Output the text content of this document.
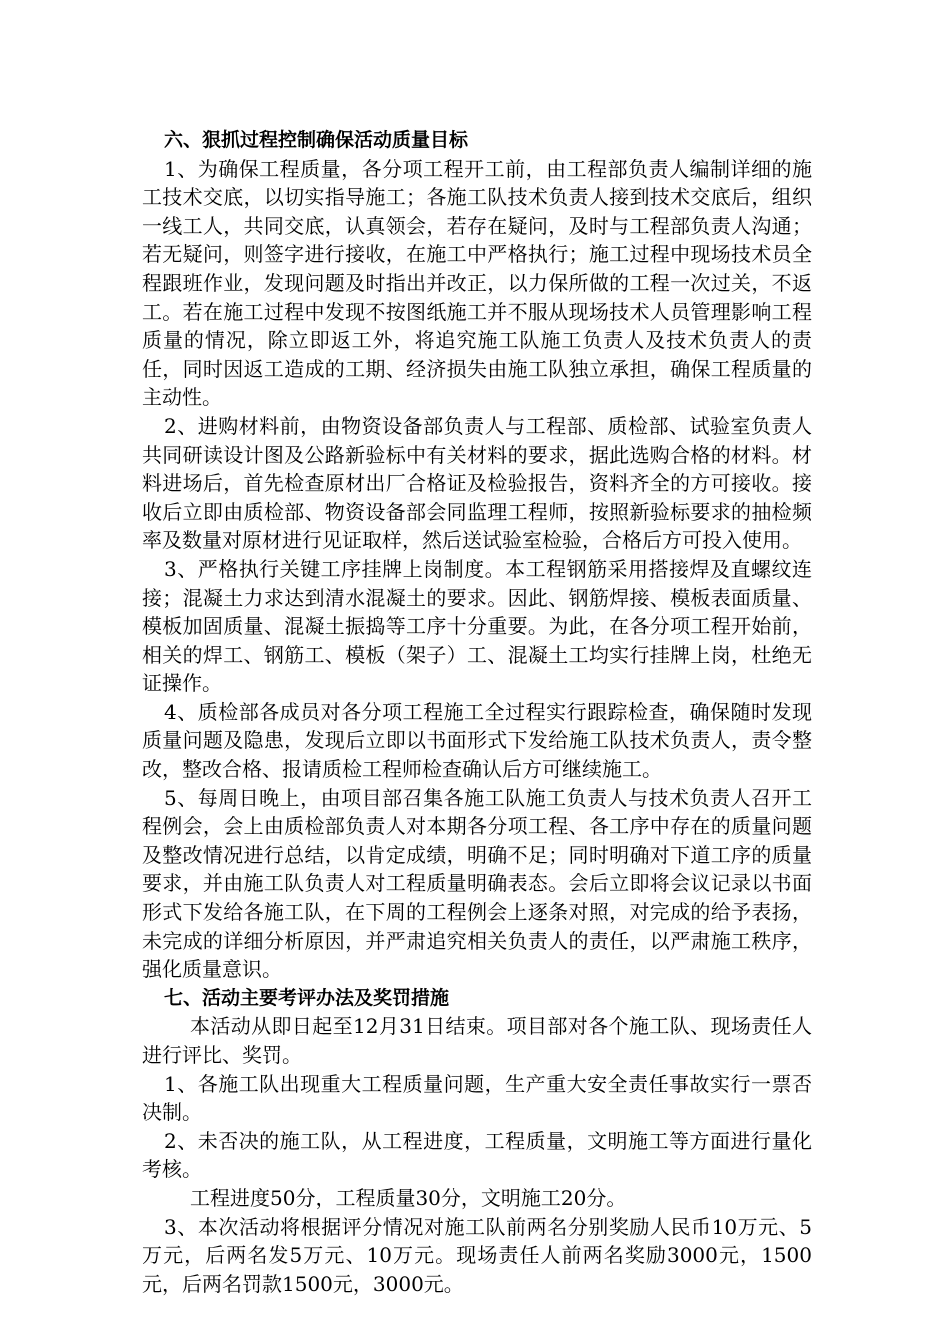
六、狠抓过程控制确保活动质量目标

1、为确保工程质量，各分项工程开工前，由工程部负责人编制详细的施工技术交底，以切实指导施工；各施工队技术负责人接到技术交底后，组织一线工人，共同交底，认真领会，若存在疑问，及时与工程部负责人沟通；若无疑问，则签字进行接收，在施工中严格执行；施工过程中现场技术员全程跟班作业，发现问题及时指出并改正，以力保所做的工程一次过关，不返工。若在施工过程中发现不按图纸施工并不服从现场技术人员管理影响工程质量的情况，除立即返工外，将追究施工队施工负责人及技术负责人的责任，同时因返工造成的工期、经济损失由施工队独立承担，确保工程质量的主动性。

2、进购材料前，由物资设备部负责人与工程部、质检部、试验室负责人共同研读设计图及公路新验标中有关材料的要求，据此选购合格的材料。材料进场后，首先检查原材出厂合格证及检验报告，资料齐全的方可接收。接收后立即由质检部、物资设备部会同监理工程师，按照新验标要求的抽检频率及数量对原材进行见证取样，然后送试验室检验，合格后方可投入使用。

3、严格执行关键工序挂牌上岗制度。本工程钢筋采用搭接焊及直螺纹连接；混凝土力求达到清水混凝土的要求。因此、钢筋焊接、模板表面质量、模板加固质量、混凝土振捣等工序十分重要。为此，在各分项工程开始前，相关的焊工、钢筋工、模板（架子）工、混凝土工均实行挂牌上岗，杜绝无证操作。

4、质检部各成员对各分项工程施工全过程实行跟踪检查，确保随时发现质量问题及隐患，发现后立即以书面形式下发给施工队技术负责人，责令整改，整改合格、报请质检工程师检查确认后方可继续施工。

5、每周日晚上，由项目部召集各施工队施工负责人与技术负责人召开工程例会，会上由质检部负责人对本期各分项工程、各工序中存在的质量问题及整改情况进行总结，以肯定成绩，明确不足；同时明确对下道工序的质量要求，并由施工队负责人对工程质量明确表态。会后立即将会议记录以书面形式下发给各施工队，在下周的工程例会上逐条对照，对完成的给予表扬，未完成的详细分析原因，并严肃追究相关负责人的责任，以严肃施工秩序，强化质量意识。

七、活动主要考评办法及奖罚措施

本活动从即日起至12月31日结束。项目部对各个施工队、现场责任人进行评比、奖罚。

1、各施工队出现重大工程质量问题，生产重大安全责任事故实行一票否决制。

2、未否决的施工队，从工程进度，工程质量，文明施工等方面进行量化考核。

工程进度50分，工程质量30分，文明施工20分。

3、本次活动将根据评分情况对施工队前两名分别奖励人民币10万元、5万元，后两名发5万元、10万元。现场责任人前两名奖励3000元，1500元，后两名罚款1500元，3000元。
